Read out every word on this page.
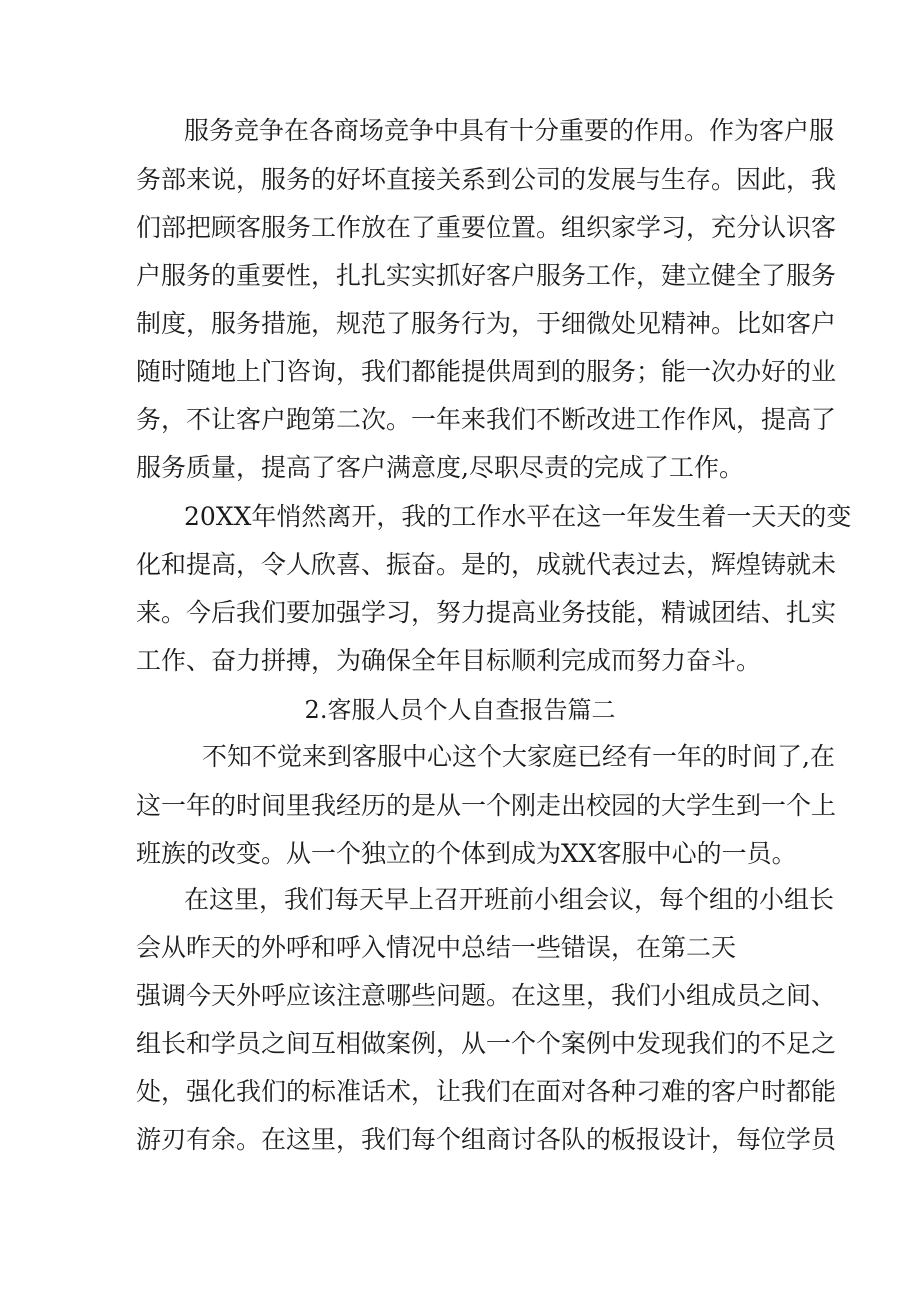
服务竞争在各商场竞争中具有十分重要的作用。作为客户服
务部来说，服务的好坏直接关系到公司的发展与生存。因此，我
们部把顾客服务工作放在了重要位置。组织家学习，充分认识客
户服务的重要性，扎扎实实抓好客户服务工作，建立健全了服务
制度，服务措施，规范了服务行为，于细微处见精神。比如客户
随时随地上门咨询，我们都能提供周到的服务；能一次办好的业
务，不让客户跑第二次。一年来我们不断改进工作作风，提高了
服务质量，提高了客户满意度,尽职尽责的完成了工作。
20XX年悄然离开，我的工作水平在这一年发生着一天天的变
化和提高，令人欣喜、振奋。是的，成就代表过去，辉煌铸就未
来。今后我们要加强学习，努力提高业务技能，精诚团结、扎实
工作、奋力拼搏，为确保全年目标顺利完成而努力奋斗。
2.客服人员个人自查报告篇二
不知不觉来到客服中心这个大家庭已经有一年的时间了,在
这一年的时间里我经历的是从一个刚走出校园的大学生到一个上
班族的改变。从一个独立的个体到成为XX客服中心的一员。
在这里，我们每天早上召开班前小组会议，每个组的小组长
会从昨天的外呼和呼入情况中总结一些错误，在第二天
强调今天外呼应该注意哪些问题。在这里，我们小组成员之间、
组长和学员之间互相做案例，从一个个案例中发现我们的不足之
处，强化我们的标准话术，让我们在面对各种刁难的客户时都能
游刃有余。在这里，我们每个组商讨各队的板报设计，每位学员
